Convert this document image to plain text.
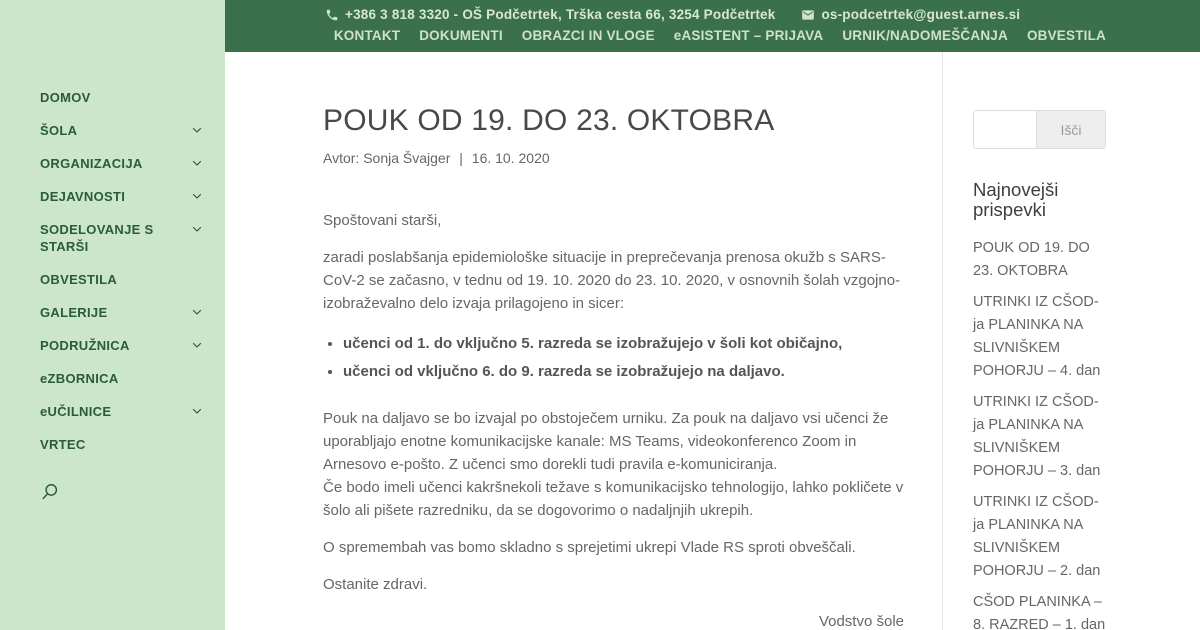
+386 3 818 3320 - OŠ Podčetrtek, Trška cesta 66, 3254 Podčetrtek	os-podcetrtek@guest.arnes.si
KONTAKT DOKUMENTI OBRAZCI IN VLOGE eASISTENT – PRIJAVA URNIK/NADOMEŠČANJA OBVESTILA
DOMOV
ŠOLA
ORGANIZACIJA
DEJAVNOSTI
SODELOVANJE S STARŠI
OBVESTILA
GALERIJE
PODRUŽNICA
eZBORNICA
eUČILNICE
VRTEC
POUK OD 19. DO 23. OKTOBRA
Avtor: Sonja Švajger | 16. 10. 2020

Spoštovani starši,

zaradi poslabšanja epidemiološke situacije in preprečevanja prenosa okužb s SARS-CoV-2 se začasno, v tednu od 19. 10. 2020 do 23. 10. 2020, v osnovnih šolah vzgojno-izobraževalno delo izvaja prilagojeno in sicer:

• učenci od 1. do vključno 5. razreda se izobražujejo v šoli kot običajno,
• učenci od vključno 6. do 9. razreda se izobražujejo na daljavo.

Pouk na daljavo se bo izvajal po obstoječem urniku. Za pouk na daljavo vsi učenci že uporabljajo enotne komunikacijske kanale: MS Teams, videokonferenco Zoom in Arnesovo e-pošto. Z učenci smo dorekli tudi pravila e-komuniciranja.
Če bodo imeli učenci kakršnekoli težave s komunikacijsko tehnologijo, lahko pokličete v šolo ali pišete razredniku, da se dogovorimo o nadaljnjih ukrepih.

O spremembah vas bomo skladno s sprejetimi ukrepi Vlade RS sproti obveščali.

Ostanite zdravi.

Vodstvo šole

Išči
Najnovejši prispevki
POUK OD 19. DO 23. OKTOBRA
UTRINKI IZ CŠOD-ja PLANINKA NA SLIVNIŠKEM POHORJU – 4. dan
UTRINKI IZ CŠOD-ja PLANINKA NA SLIVNIŠKEM POHORJU – 3. dan
UTRINKI IZ CŠOD-ja PLANINKA NA SLIVNIŠKEM POHORJU – 2. dan
CŠOD PLANINKA – 8. RAZRED – 1. dan
